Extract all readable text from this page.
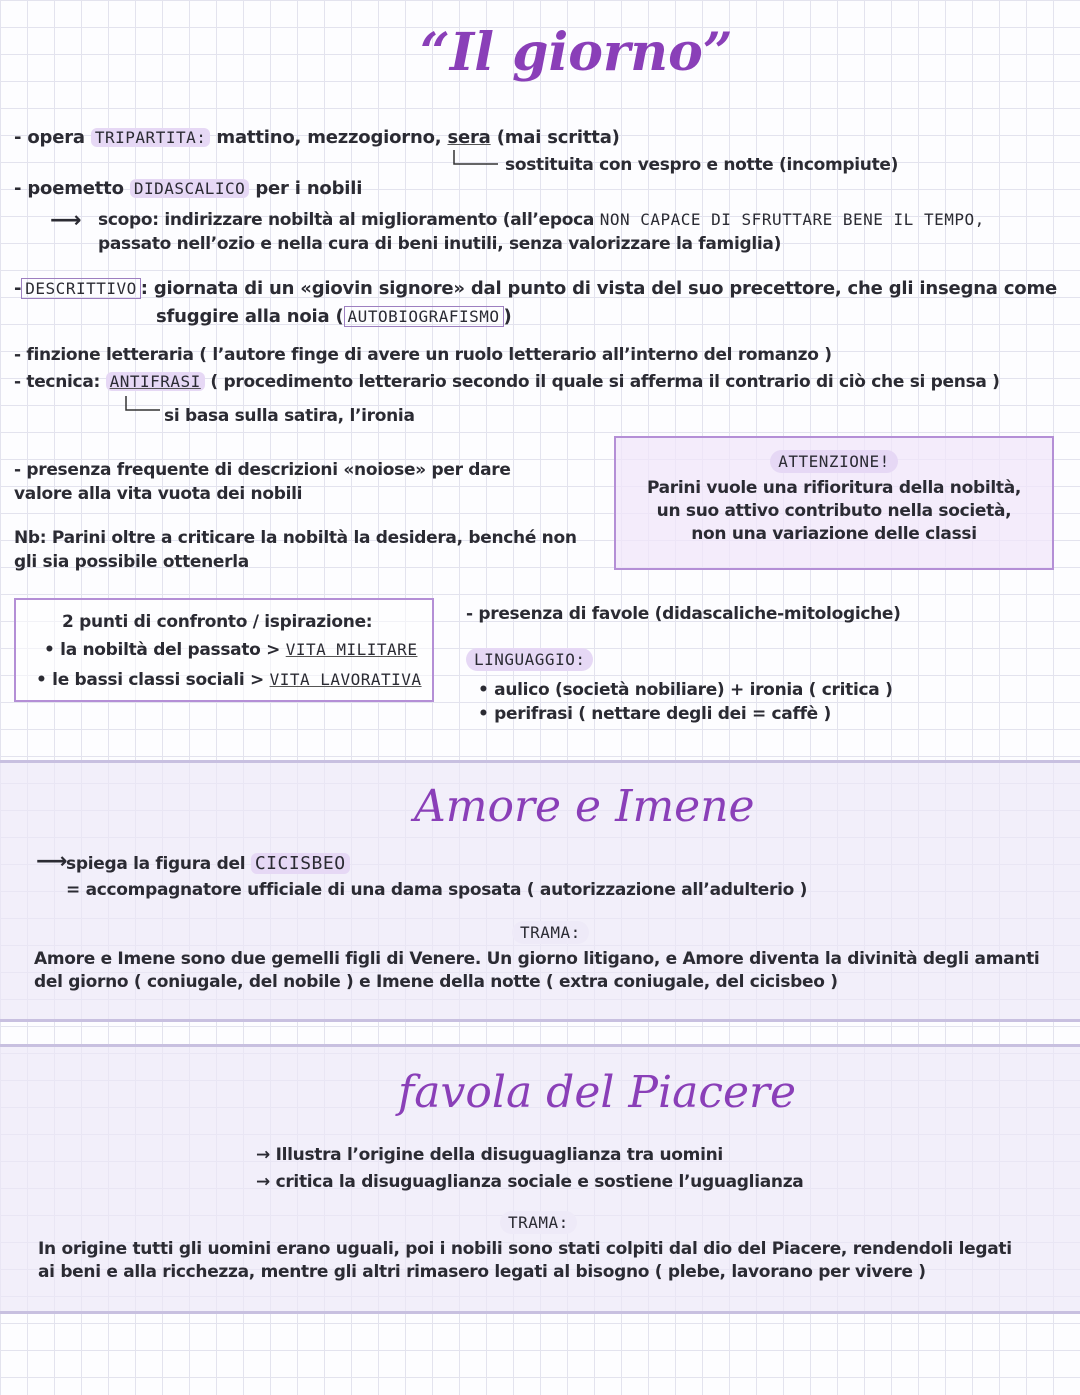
“Il giorno”
- opera TRIPARTITA: mattino, mezzogiorno, sera (mai scritta)
sostituita con vespro e notte (incompiute)
- poemetto DIDASCALICO per i nobili
⟶ scopo: indirizzare nobiltà al miglioramento (all’epoca NON CAPACE DI SFRUTTARE BENE IL TEMPO,
passato nell’ozio e nella cura di beni inutili, senza valorizzare la famiglia)
- DESCRITTIVO : giornata di un «giovin signore» dal punto di vista del suo precettore, che gli insegna come
sfuggire alla noia ( AUTOBIOGRAFISMO )
- finzione letteraria ( l’autore finge di avere un ruolo letterario all’interno del romanzo )
- tecnica: ANTIFRASI ( procedimento letterario secondo il quale si afferma il contrario di ciò che si pensa )
si basa sulla satira, l’ironia
- presenza frequente di descrizioni «noiose» per dare
valore alla vita vuota dei nobili
Nb: Parini oltre a criticare la nobiltà la desidera, benché non
gli sia possibile ottenerla
ATTENZIONE!
Parini vuole una rifioritura della nobiltà,
un suo attivo contributo nella società,
non una variazione delle classi
2 punti di confronto / ispirazione:
• la nobiltà del passato > VITA MILITARE
• le bassi classi sociali > VITA LAVORATIVA
- presenza di favole (didascaliche-mitologiche)
LINGUAGGIO:
• aulico (società nobiliare) + ironia ( critica )
• perifrasi ( nettare degli dei = caffè )
Amore e Imene
⟶
spiega la figura del CICISBEO
= accompagnatore ufficiale di una dama sposata ( autorizzazione all’adulterio )
TRAMA:
Amore e Imene sono due gemelli figli di Venere. Un giorno litigano, e Amore diventa la divinità degli amanti
del giorno ( coniugale, del nobile ) e Imene della notte ( extra coniugale, del cicisbeo )
favola del Piacere
→ Illustra l’origine della disuguaglianza tra uomini
→ critica la disuguaglianza sociale e sostiene l’uguaglianza
TRAMA:
In origine tutti gli uomini erano uguali, poi i nobili sono stati colpiti dal dio del Piacere, rendendoli legati
ai beni e alla ricchezza, mentre gli altri rimasero legati al bisogno ( plebe, lavorano per vivere )
